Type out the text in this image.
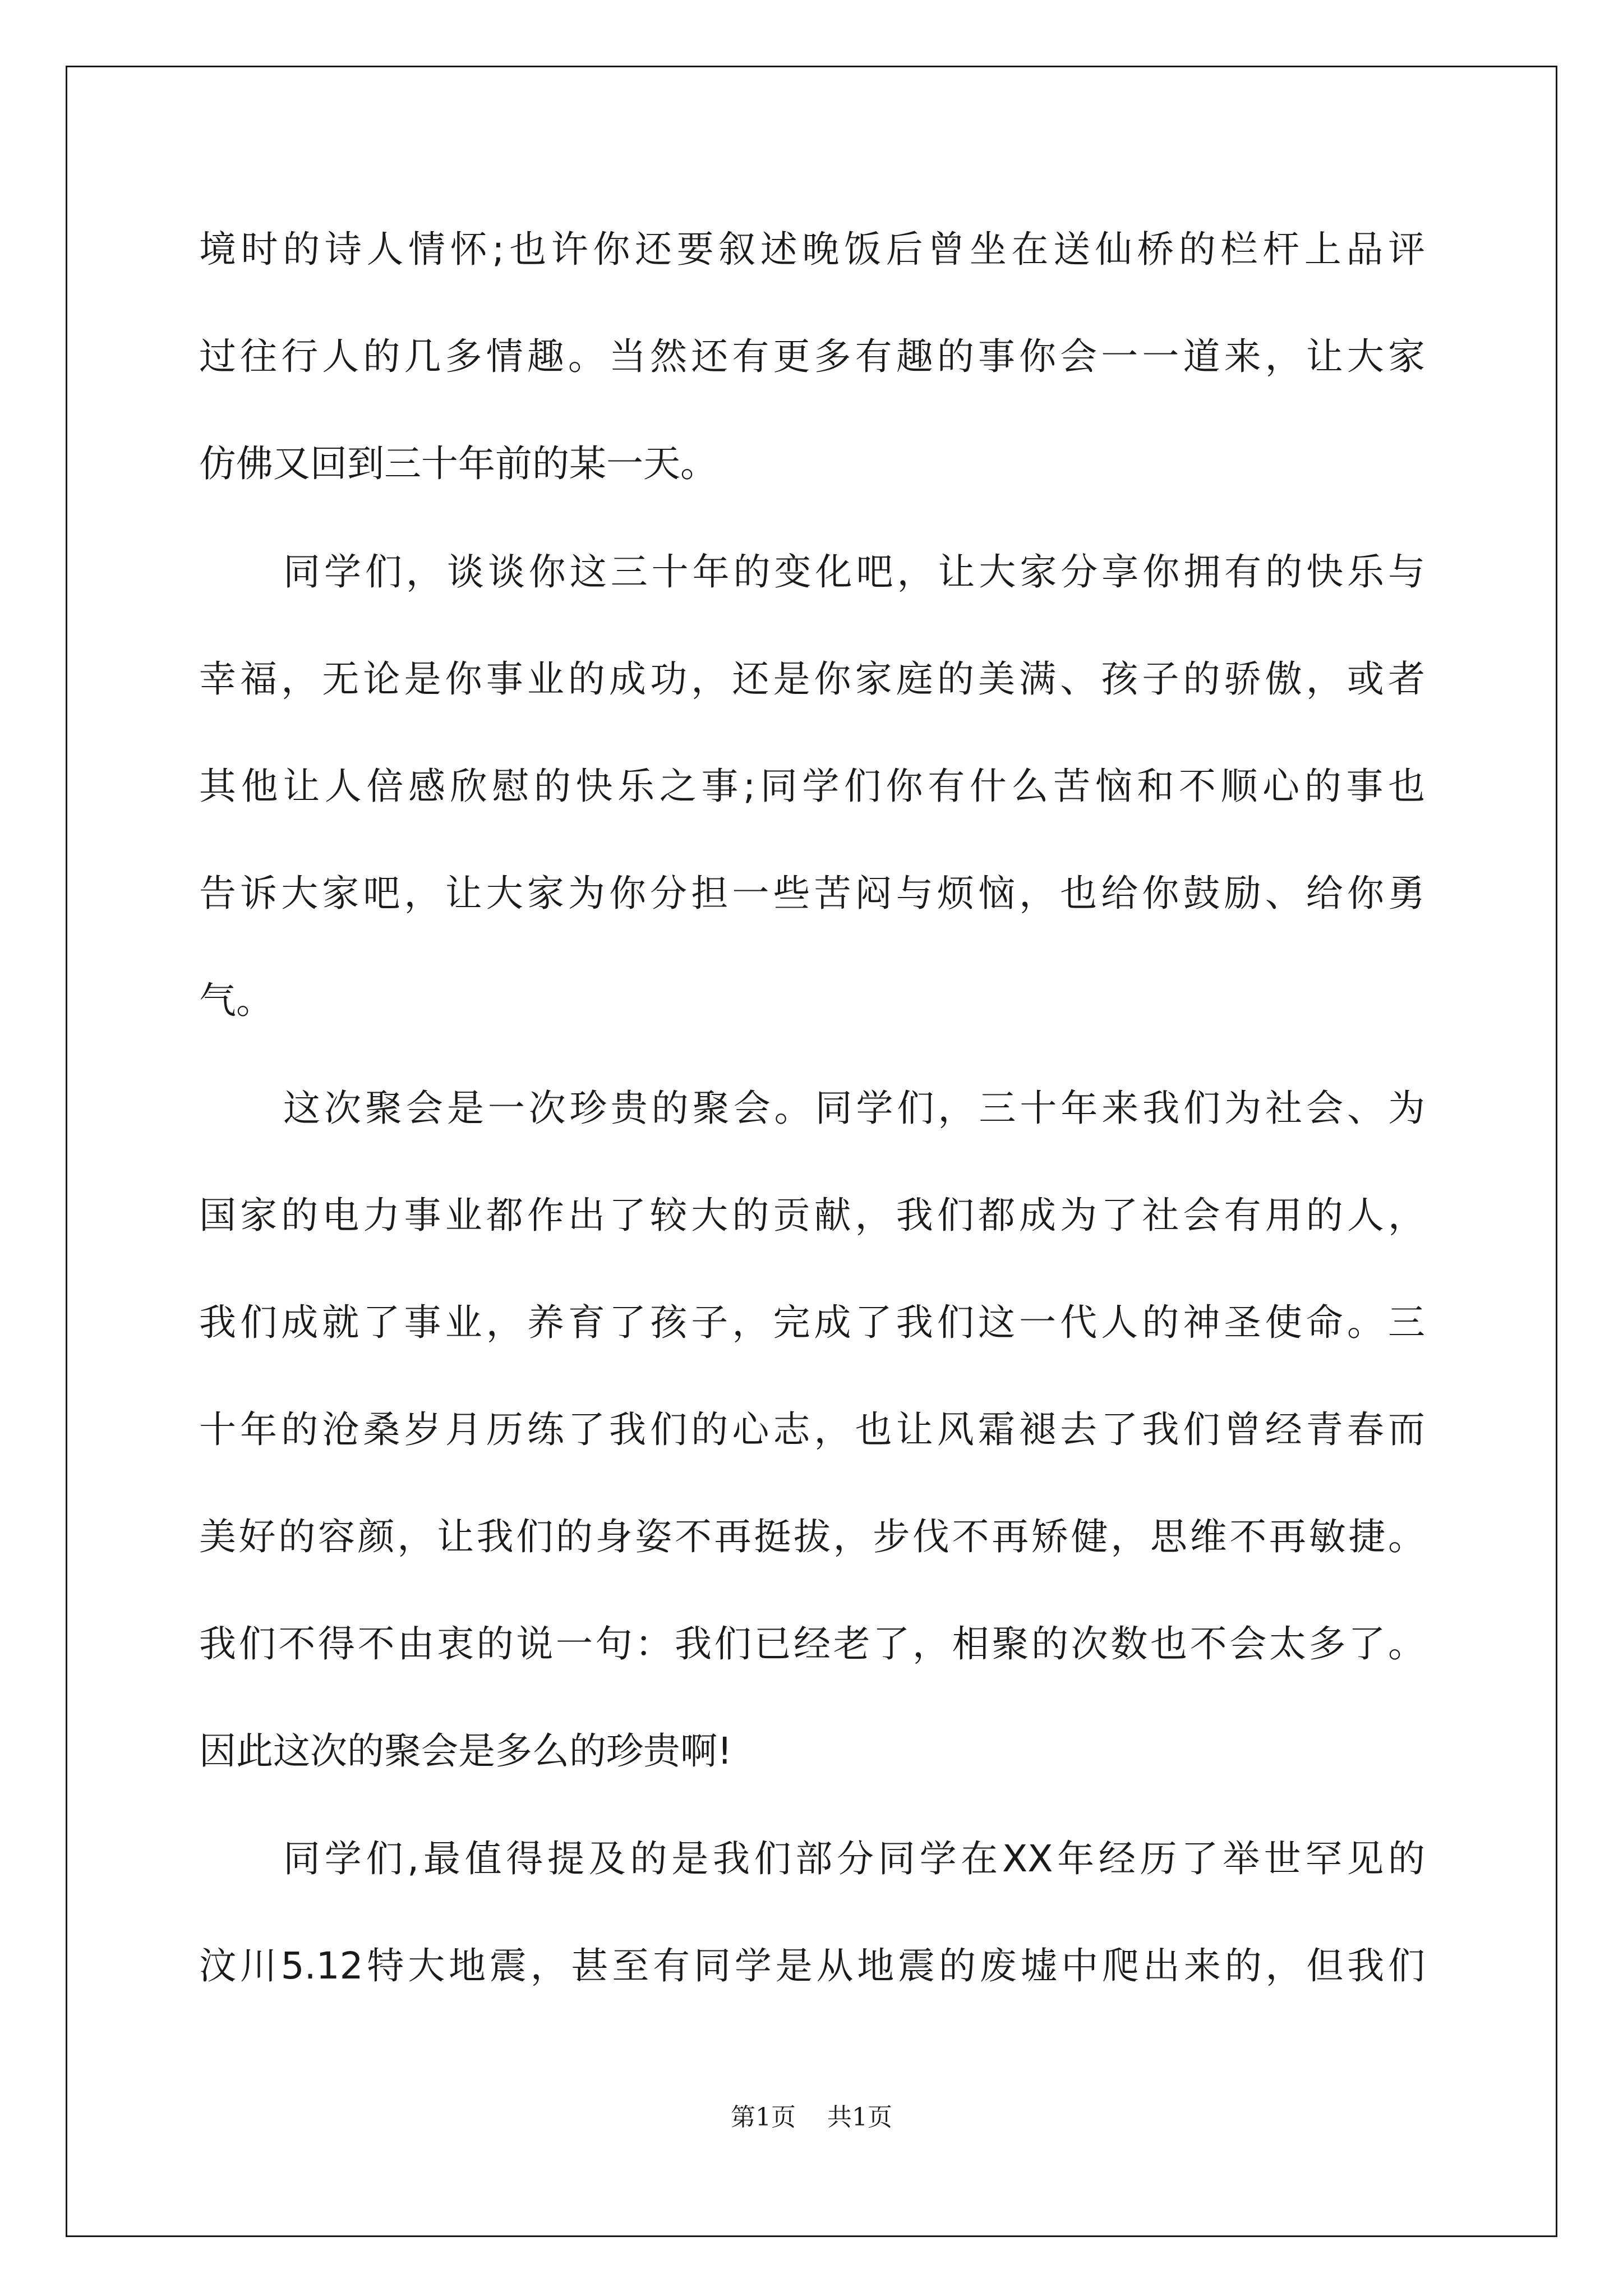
境时的诗人情怀;也许你还要叙述晚饭后曾坐在送仙桥的栏杆上品评
过往行人的几多情趣。当然还有更多有趣的事你会一一道来，让大家
仿佛又回到三十年前的某一天。
同学们，谈谈你这三十年的变化吧，让大家分享你拥有的快乐与
幸福，无论是你事业的成功，还是你家庭的美满、孩子的骄傲，或者
其他让人倍感欣慰的快乐之事;同学们你有什么苦恼和不顺心的事也
告诉大家吧，让大家为你分担一些苦闷与烦恼，也给你鼓励、给你勇
气。
这次聚会是一次珍贵的聚会。同学们，三十年来我们为社会、为
国家的电力事业都作出了较大的贡献，我们都成为了社会有用的人，
我们成就了事业，养育了孩子，完成了我们这一代人的神圣使命。三
十年的沧桑岁月历练了我们的心志，也让风霜褪去了我们曾经青春而
美好的容颜，让我们的身姿不再挺拔，步伐不再矫健，思维不再敏捷。
我们不得不由衷的说一句：我们已经老了，相聚的次数也不会太多了。
因此这次的聚会是多么的珍贵啊!
同学们,最值得提及的是我们部分同学在XX年经历了举世罕见的
汶川5.12特大地震，甚至有同学是从地震的废墟中爬出来的，但我们
第1页 共1页
